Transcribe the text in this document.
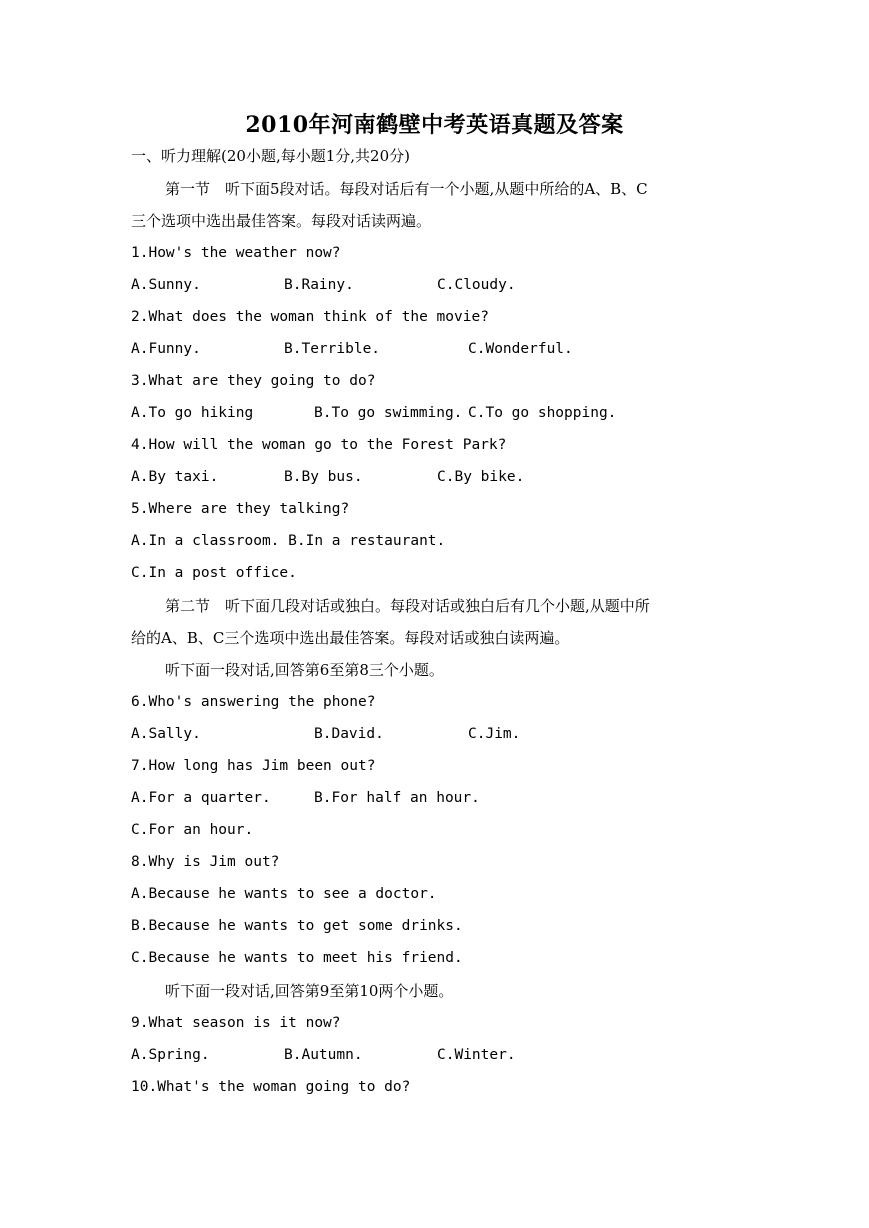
2010年河南鹤壁中考英语真题及答案
一、听力理解(20小题,每小题1分,共20分)
第一节　听下面5段对话。每段对话后有一个小题,从题中所给的A、B、C
三个选项中选出最佳答案。每段对话读两遍。
1.How's the weather now?
A.Sunny.	B.Rainy.	C.Cloudy.
2.What does the woman think of the movie?
A.Funny.	B.Terrible.	C.Wonderful.
3.What are they going to do?
A.To go hiking	B.To go swimming. C.To go shopping.
4.How will the woman go to the Forest Park?
A.By taxi.	B.By bus.	C.By bike.
5.Where are they talking?
A.In a classroom. B.In a restaurant.
C.In a post office.
第二节　听下面几段对话或独白。每段对话或独白后有几个小题,从题中所
给的A、B、C三个选项中选出最佳答案。每段对话或独白读两遍。
听下面一段对话,回答第6至第8三个小题。
6.Who's answering the phone?
A.Sally.	B.David.	C.Jim.
7.How long has Jim been out?
A.For a quarter.	B.For half an hour.
C.For an hour.
8.Why is Jim out?
A.Because he wants to see a doctor.
B.Because he wants to get some drinks.
C.Because he wants to meet his friend.
听下面一段对话,回答第9至第10两个小题。
9.What season is it now?
A.Spring.	B.Autumn.	C.Winter.
10.What's the woman going to do?
